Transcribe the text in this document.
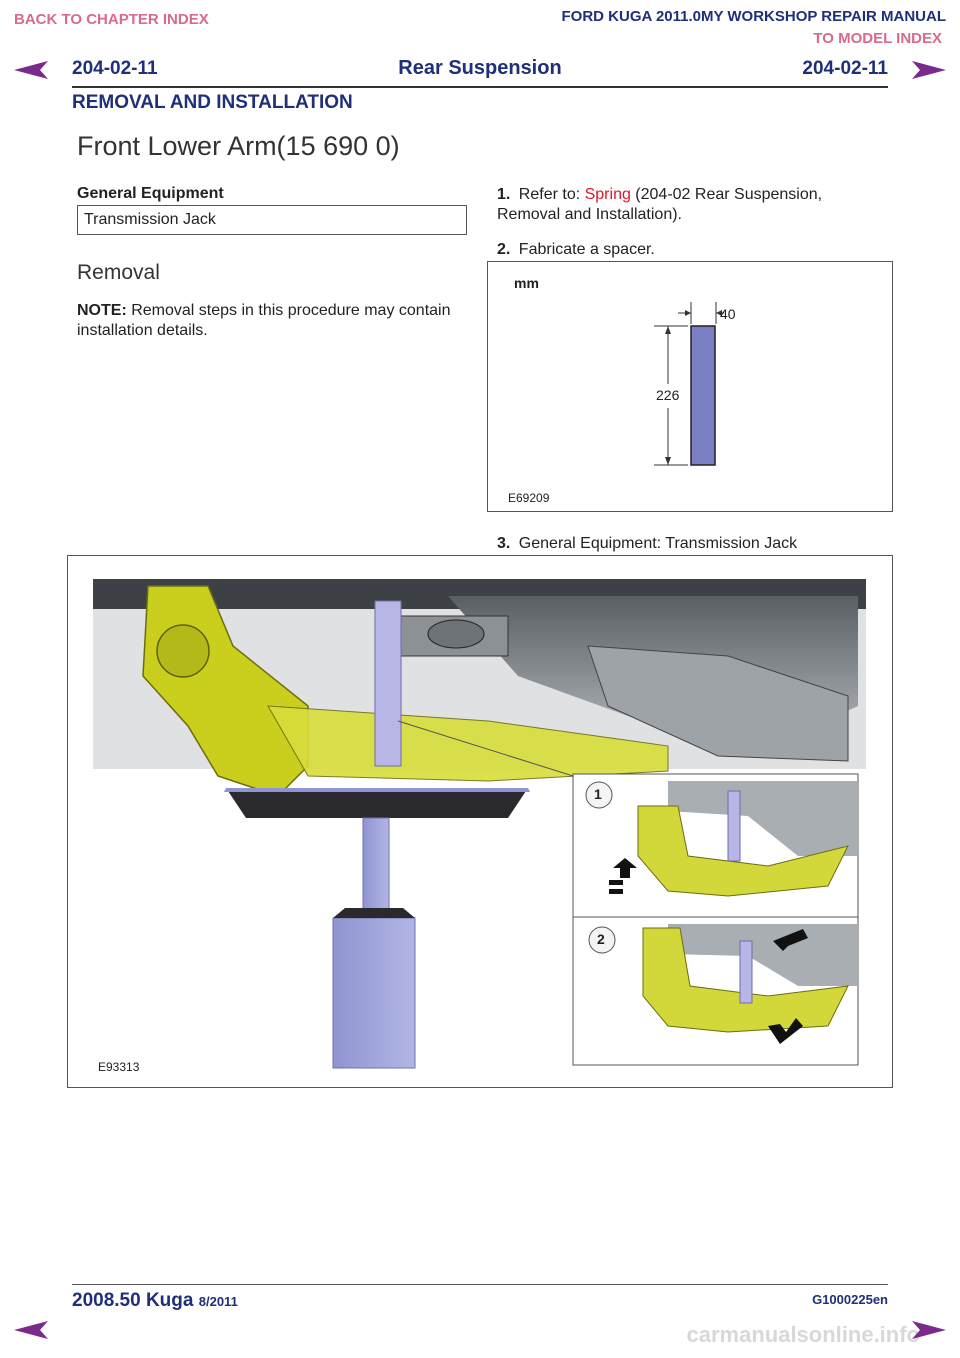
BACK TO CHAPTER INDEX	FORD KUGA 2011.0MY WORKSHOP REPAIR MANUAL
TO MODEL INDEX
204-02-11	Rear Suspension	204-02-11
REMOVAL AND INSTALLATION
Front Lower Arm(15 690 0)
General Equipment
Transmission Jack
Removal
NOTE: Removal steps in this procedure may contain installation details.
1. Refer to: Spring (204-02 Rear Suspension, Removal and Installation).
2. Fabricate a spacer.
mm
40
226
E69209
3. General Equipment: Transmission Jack
1
2
E93313
2008.50 Kuga 8/2011	G1000225en
carmanualsonline.info
